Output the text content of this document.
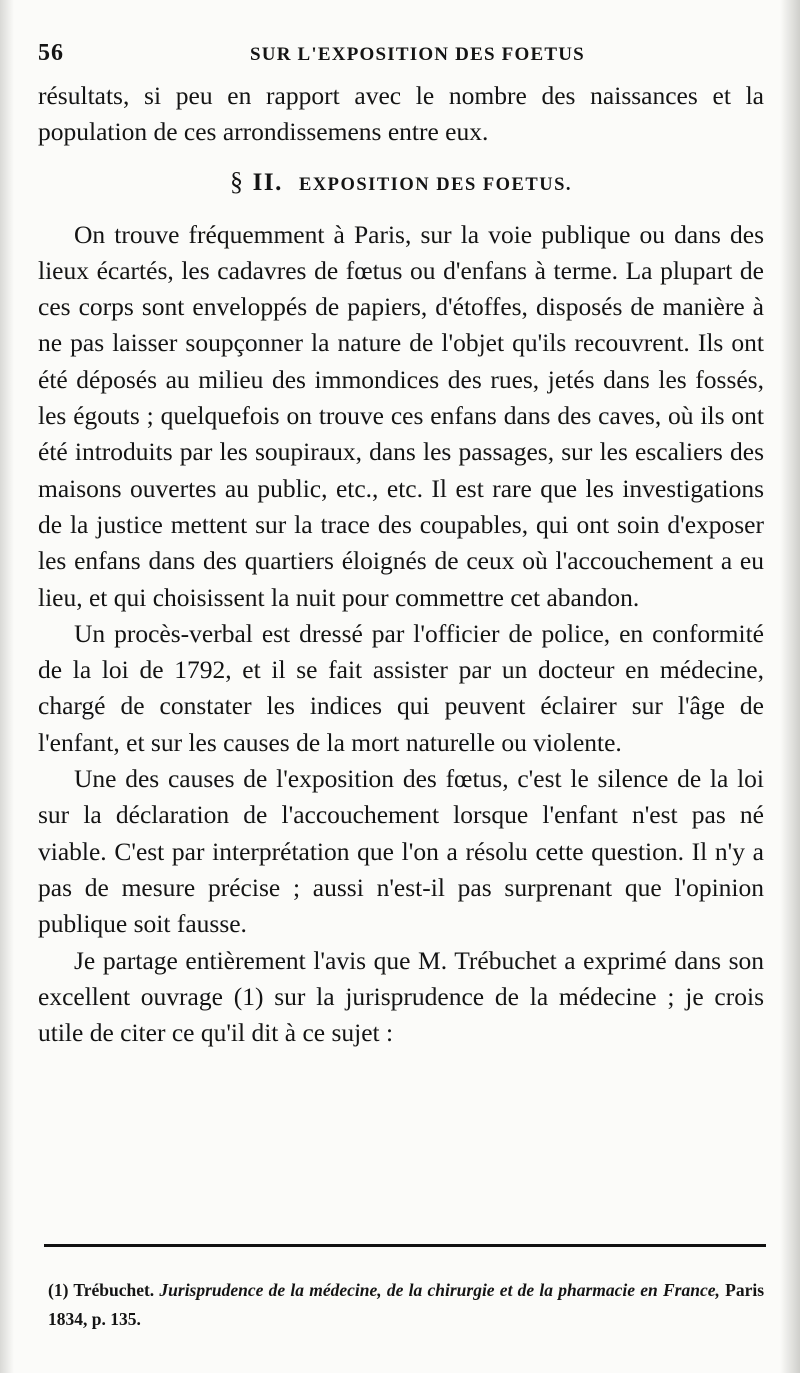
56	SUR L'EXPOSITION DES FOETUS

résultats, si peu en rapport avec le nombre des naissances et la population de ces arrondissemens entre eux.

§ II. EXPOSITION DES FOETUS.

On trouve fréquemment à Paris, sur la voie publique ou dans des lieux écartés, les cadavres de fœtus ou d'enfans à terme. La plupart de ces corps sont enveloppés de papiers, d'étoffes, disposés de manière à ne pas laisser soupçonner la nature de l'objet qu'ils recouvrent. Ils ont été déposés au milieu des immondices des rues, jetés dans les fossés, les égouts ; quelquefois on trouve ces enfans dans des caves, où ils ont été introduits par les soupiraux, dans les passages, sur les escaliers des maisons ouvertes au public, etc., etc. Il est rare que les investigations de la justice mettent sur la trace des coupables, qui ont soin d'exposer les enfans dans des quartiers éloignés de ceux où l'accouchement a eu lieu, et qui choisissent la nuit pour commettre cet abandon.

Un procès-verbal est dressé par l'officier de police, en conformité de la loi de 1792, et il se fait assister par un docteur en médecine, chargé de constater les indices qui peuvent éclairer sur l'âge de l'enfant, et sur les causes de la mort naturelle ou violente.

Une des causes de l'exposition des fœtus, c'est le silence de la loi sur la déclaration de l'accouchement lorsque l'enfant n'est pas né viable. C'est par interprétation que l'on a résolu cette question. Il n'y a pas de mesure précise ; aussi n'est-il pas surprenant que l'opinion publique soit fausse.

Je partage entièrement l'avis que M. Trébuchet a exprimé dans son excellent ouvrage (1) sur la jurisprudence de la médecine ; je crois utile de citer ce qu'il dit à ce sujet :

(1) Trébuchet. Jurisprudence de la médecine, de la chirurgie et de la pharmacie en France, Paris 1834, p. 135.
